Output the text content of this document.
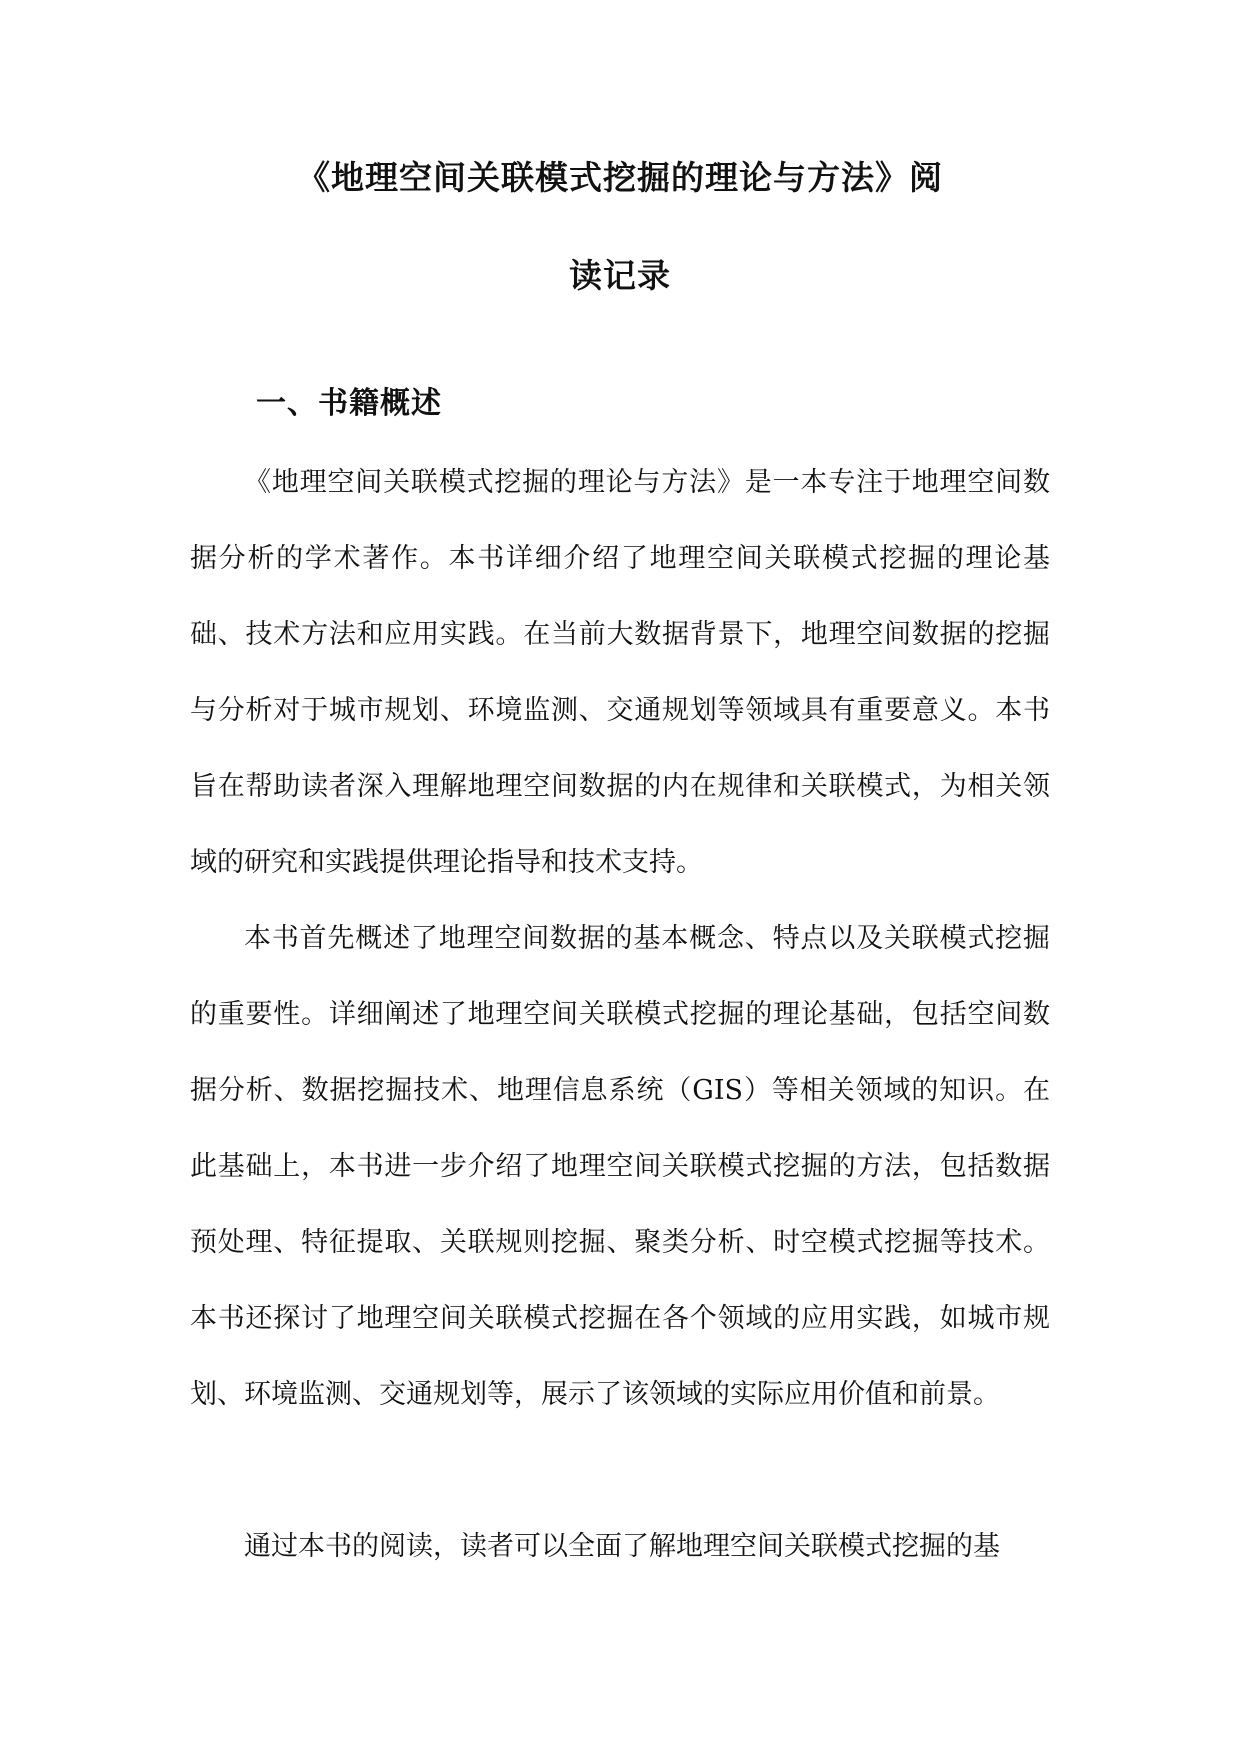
《地理空间关联模式挖掘的理论与方法》阅
读记录
一、书籍概述

《地理空间关联模式挖掘的理论与方法》是一本专注于地理空间数据分析的学术著作。本书详细介绍了地理空间关联模式挖掘的理论基础、技术方法和应用实践。在当前大数据背景下，地理空间数据的挖掘与分析对于城市规划、环境监测、交通规划等领域具有重要意义。本书旨在帮助读者深入理解地理空间数据的内在规律和关联模式，为相关领域的研究和实践提供理论指导和技术支持。

本书首先概述了地理空间数据的基本概念、特点以及关联模式挖掘的重要性。详细阐述了地理空间关联模式挖掘的理论基础，包括空间数据分析、数据挖掘技术、地理信息系统（GIS）等相关领域的知识。在此基础上，本书进一步介绍了地理空间关联模式挖掘的方法，包括数据预处理、特征提取、关联规则挖掘、聚类分析、时空模式挖掘等技术。本书还探讨了地理空间关联模式挖掘在各个领域的应用实践，如城市规划、环境监测、交通规划等，展示了该领域的实际应用价值和前景。

通过本书的阅读，读者可以全面了解地理空间关联模式挖掘的基
